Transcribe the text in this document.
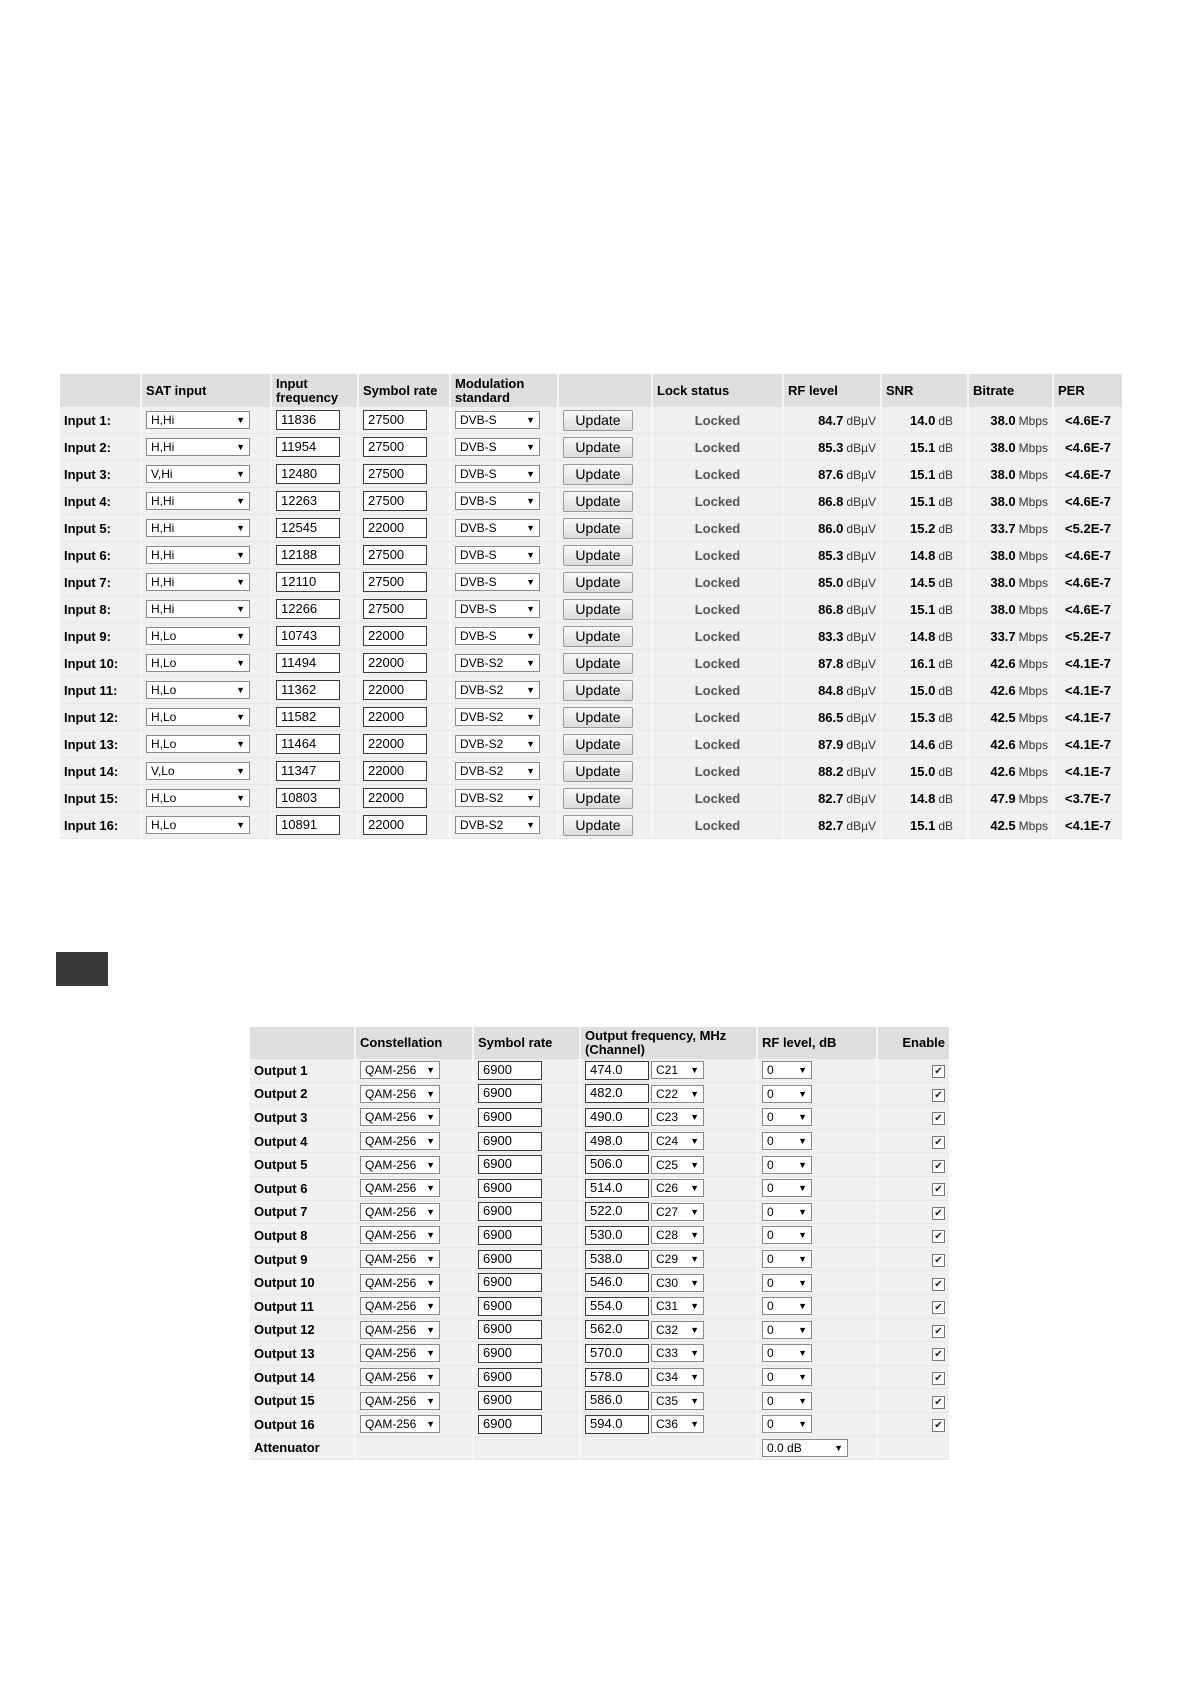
	SAT input	Input frequency	Symbol rate	Modulation standard		Lock status	RF level	SNR	Bitrate	PER
Input 1:	H,Hi ▼	11836	27500	DVB-S ▼	Update	Locked	84.7 dBµV	14.0 dB	38.0 Mbps	<4.6E-7
Input 2:	H,Hi ▼	11954	27500	DVB-S ▼	Update	Locked	85.3 dBµV	15.1 dB	38.0 Mbps	<4.6E-7
Input 3:	V,Hi ▼	12480	27500	DVB-S ▼	Update	Locked	87.6 dBµV	15.1 dB	38.0 Mbps	<4.6E-7
Input 4:	H,Hi ▼	12263	27500	DVB-S ▼	Update	Locked	86.8 dBµV	15.1 dB	38.0 Mbps	<4.6E-7
Input 5:	H,Hi ▼	12545	22000	DVB-S ▼	Update	Locked	86.0 dBµV	15.2 dB	33.7 Mbps	<5.2E-7
Input 6:	H,Hi ▼	12188	27500	DVB-S ▼	Update	Locked	85.3 dBµV	14.8 dB	38.0 Mbps	<4.6E-7
Input 7:	H,Hi ▼	12110	27500	DVB-S ▼	Update	Locked	85.0 dBµV	14.5 dB	38.0 Mbps	<4.6E-7
Input 8:	H,Hi ▼	12266	27500	DVB-S ▼	Update	Locked	86.8 dBµV	15.1 dB	38.0 Mbps	<4.6E-7
Input 9:	H,Lo ▼	10743	22000	DVB-S ▼	Update	Locked	83.3 dBµV	14.8 dB	33.7 Mbps	<5.2E-7
Input 10:	H,Lo ▼	11494	22000	DVB-S2 ▼	Update	Locked	87.8 dBµV	16.1 dB	42.6 Mbps	<4.1E-7
Input 11:	H,Lo ▼	11362	22000	DVB-S2 ▼	Update	Locked	84.8 dBµV	15.0 dB	42.6 Mbps	<4.1E-7
Input 12:	H,Lo ▼	11582	22000	DVB-S2 ▼	Update	Locked	86.5 dBµV	15.3 dB	42.5 Mbps	<4.1E-7
Input 13:	H,Lo ▼	11464	22000	DVB-S2 ▼	Update	Locked	87.9 dBµV	14.6 dB	42.6 Mbps	<4.1E-7
Input 14:	V,Lo ▼	11347	22000	DVB-S2 ▼	Update	Locked	88.2 dBµV	15.0 dB	42.6 Mbps	<4.1E-7
Input 15:	H,Lo ▼	10803	22000	DVB-S2 ▼	Update	Locked	82.7 dBµV	14.8 dB	47.9 Mbps	<3.7E-7
Input 16:	H,Lo ▼	10891	22000	DVB-S2 ▼	Update	Locked	82.7 dBµV	15.1 dB	42.5 Mbps	<4.1E-7
	Constellation	Symbol rate	Output frequency, MHz (Channel)	RF level, dB	Enable
Output 1	QAM-256 ▼	6900	474.0 C21 ▼	0 ▼	✔
Output 2	QAM-256 ▼	6900	482.0 C22 ▼	0 ▼	✔
Output 3	QAM-256 ▼	6900	490.0 C23 ▼	0 ▼	✔
Output 4	QAM-256 ▼	6900	498.0 C24 ▼	0 ▼	✔
Output 5	QAM-256 ▼	6900	506.0 C25 ▼	0 ▼	✔
Output 6	QAM-256 ▼	6900	514.0 C26 ▼	0 ▼	✔
Output 7	QAM-256 ▼	6900	522.0 C27 ▼	0 ▼	✔
Output 8	QAM-256 ▼	6900	530.0 C28 ▼	0 ▼	✔
Output 9	QAM-256 ▼	6900	538.0 C29 ▼	0 ▼	✔
Output 10	QAM-256 ▼	6900	546.0 C30 ▼	0 ▼	✔
Output 11	QAM-256 ▼	6900	554.0 C31 ▼	0 ▼	✔
Output 12	QAM-256 ▼	6900	562.0 C32 ▼	0 ▼	✔
Output 13	QAM-256 ▼	6900	570.0 C33 ▼	0 ▼	✔
Output 14	QAM-256 ▼	6900	578.0 C34 ▼	0 ▼	✔
Output 15	QAM-256 ▼	6900	586.0 C35 ▼	0 ▼	✔
Output 16	QAM-256 ▼	6900	594.0 C36 ▼	0 ▼	✔
Attenuator				0.0 dB ▼	
